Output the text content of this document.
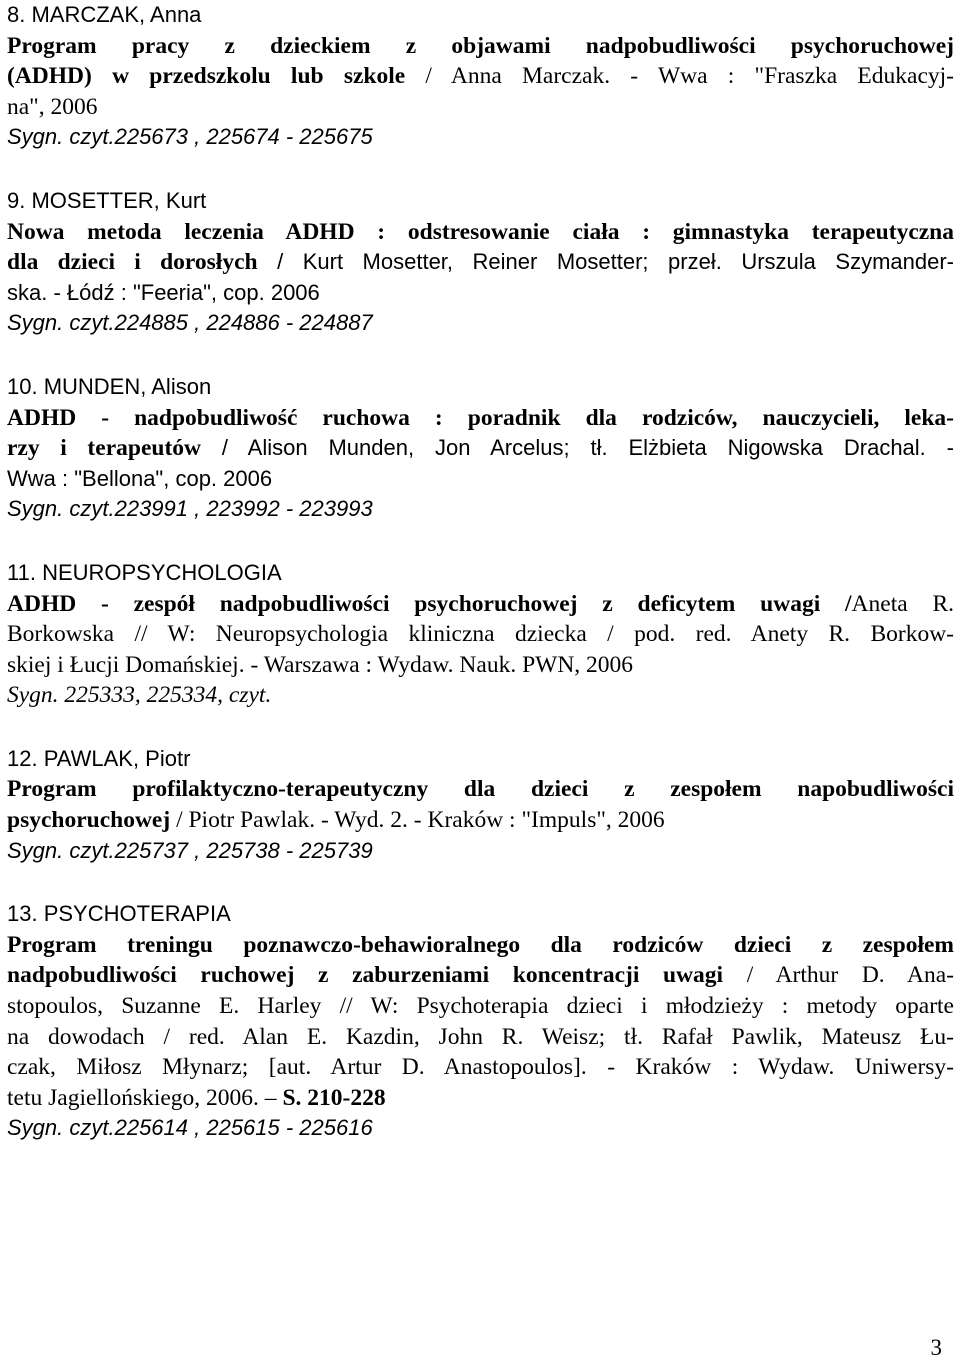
8. MARCZAK, Anna
Program pracy z dzieckiem z objawami nadpobudliwości psychoruchowej
(ADHD) w przedszkolu lub szkole / Anna Marczak. - Wwa : "Fraszka Edukacyj-
na", 2006
Sygn. czyt.225673 , 225674 - 225675
9. MOSETTER, Kurt
Nowa metoda leczenia ADHD : odstresowanie ciała : gimnastyka terapeutyczna
dla dzieci i dorosłych / Kurt Mosetter, Reiner Mosetter; przeł. Urszula Szymander-
ska. - Łódź : "Feeria", cop. 2006
Sygn. czyt.224885 , 224886 - 224887
10. MUNDEN, Alison
ADHD - nadpobudliwość ruchowa : poradnik dla rodziców, nauczycieli, leka-
rzy i terapeutów / Alison Munden, Jon Arcelus; tł. Elżbieta Nigowska Drachal. -
Wwa : "Bellona", cop. 2006
Sygn. czyt.223991 , 223992 - 223993
11. NEUROPSYCHOLOGIA
ADHD - zespół nadpobudliwości psychoruchowej z deficytem uwagi /Aneta R.
Borkowska // W: Neuropsychologia kliniczna dziecka / pod. red. Anety R. Borkow-
skiej i Łucji Domańskiej. - Warszawa : Wydaw. Nauk. PWN, 2006
Sygn. 225333, 225334, czyt.
12. PAWLAK, Piotr
Program profilaktyczno-terapeutyczny dla dzieci z zespołem napobudliwości
psychoruchowej / Piotr Pawlak. - Wyd. 2. - Kraków : "Impuls", 2006
Sygn. czyt.225737 , 225738 - 225739
13. PSYCHOTERAPIA
Program treningu poznawczo-behawioralnego dla rodziców dzieci z zespołem
nadpobudliwości ruchowej z zaburzeniami koncentracji uwagi / Arthur D. Ana-
stopoulos, Suzanne E. Harley // W: Psychoterapia dzieci i młodzieży : metody oparte
na dowodach / red. Alan E. Kazdin, John R. Weisz; tł. Rafał Pawlik, Mateusz Łu-
czak, Miłosz Młynarz; [aut. Artur D. Anastopoulos]. - Kraków : Wydaw. Uniwersy-
tetu Jagiellońskiego, 2006. – S. 210-228
Sygn. czyt.225614 , 225615 - 225616
3
